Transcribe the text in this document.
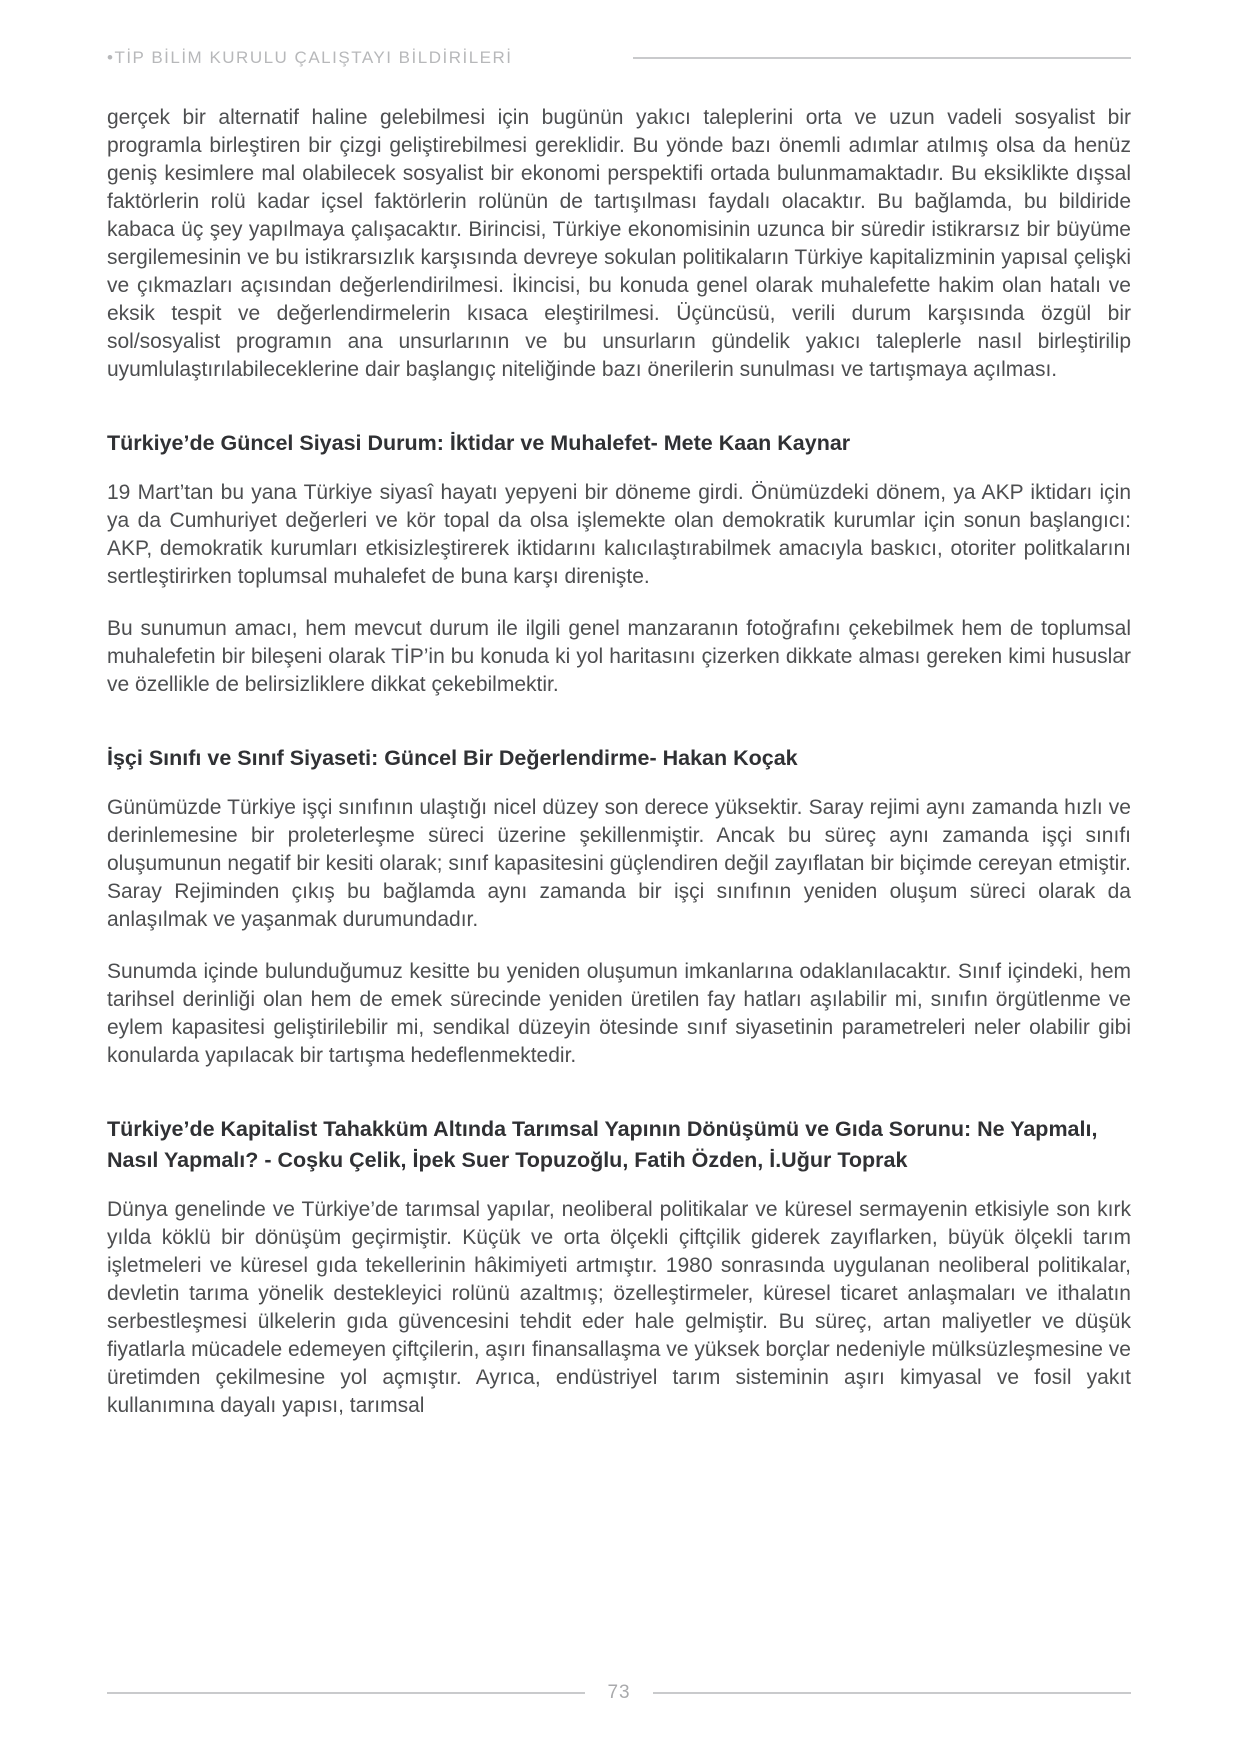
•TİP BİLİM KURULU ÇALIŞTAYI BİLDİRİLERİ

gerçek bir alternatif haline gelebilmesi için bugünün yakıcı taleplerini orta ve uzun vadeli sosyalist bir programla birleştiren bir çizgi geliştirebilmesi gereklidir. Bu yönde bazı önemli adımlar atılmış olsa da henüz geniş kesimlere mal olabilecek sosyalist bir ekonomi perspektifi ortada bulunmamaktadır. Bu eksiklikte dışsal faktörlerin rolü kadar içsel faktörlerin rolünün de tartışılması faydalı olacaktır. Bu bağlamda, bu bildiride kabaca üç şey yapılmaya çalışacaktır. Birincisi, Türkiye ekonomisinin uzunca bir süredir istikrarsız bir büyüme sergilemesinin ve bu istikrarsızlık karşısında devreye sokulan politikaların Türkiye kapitalizminin yapısal çelişki ve çıkmazları açısından değerlendirilmesi. İkincisi, bu konuda genel olarak muhalefette hakim olan hatalı ve eksik tespit ve değerlendirmelerin kısaca eleştirilmesi. Üçüncüsü, verili durum karşısında özgül bir sol/sosyalist programın ana unsurlarının ve bu unsurların gündelik yakıcı taleplerle nasıl birleştirilip uyumlulaştırılabileceklerine dair başlangıç niteliğinde bazı önerilerin sunulması ve tartışmaya açılması.

Türkiye’de Güncel Siyasi Durum: İktidar ve Muhalefet- Mete Kaan Kaynar

19 Mart’tan bu yana Türkiye siyasî hayatı yepyeni bir döneme girdi. Önümüzdeki dönem, ya AKP iktidarı için ya da Cumhuriyet değerleri ve kör topal da olsa işlemekte olan demokratik kurumlar için sonun başlangıcı: AKP, demokratik kurumları etkisizleştirerek iktidarını kalıcılaştırabilmek amacıyla baskıcı, otoriter politkalarını sertleştirirken toplumsal muhalefet de buna karşı direnişte.

Bu sunumun amacı, hem mevcut durum ile ilgili genel manzaranın fotoğrafını çekebilmek hem de toplumsal muhalefetin bir bileşeni olarak TİP’in bu konuda ki yol haritasını çizerken dikkate alması gereken kimi hususlar ve özellikle de belirsizliklere dikkat çekebilmektir.

İşçi Sınıfı ve Sınıf Siyaseti: Güncel Bir Değerlendirme- Hakan Koçak

Günümüzde Türkiye işçi sınıfının ulaştığı nicel düzey son derece yüksektir. Saray rejimi aynı zamanda hızlı ve derinlemesine bir proleterleşme süreci üzerine şekillenmiştir. Ancak bu süreç aynı zamanda işçi sınıfı oluşumunun negatif bir kesiti olarak; sınıf kapasitesini güçlendiren değil zayıflatan bir biçimde cereyan etmiştir. Saray Rejiminden çıkış bu bağlamda aynı zamanda bir işçi sınıfının yeniden oluşum süreci olarak da anlaşılmak ve yaşanmak durumundadır.

Sunumda içinde bulunduğumuz kesitte bu yeniden oluşumun imkanlarına odaklanılacaktır. Sınıf içindeki, hem tarihsel derinliği olan hem de emek sürecinde yeniden üretilen fay hatları aşılabilir mi, sınıfın örgütlenme ve eylem kapasitesi geliştirilebilir mi, sendikal düzeyin ötesinde sınıf siyasetinin parametreleri neler olabilir gibi konularda yapılacak bir tartışma hedeflenmektedir.

Türkiye’de Kapitalist Tahakküm Altında Tarımsal Yapının Dönüşümü ve Gıda Sorunu: Ne Yapmalı, Nasıl Yapmalı? - Coşku Çelik, İpek Suer Topuzoğlu, Fatih Özden, İ.Uğur Toprak

Dünya genelinde ve Türkiye’de tarımsal yapılar, neoliberal politikalar ve küresel sermayenin etkisiyle son kırk yılda köklü bir dönüşüm geçirmiştir. Küçük ve orta ölçekli çiftçilik giderek zayıflarken, büyük ölçekli tarım işletmeleri ve küresel gıda tekellerinin hâkimiyeti artmıştır. 1980 sonrasında uygulanan neoliberal politikalar, devletin tarıma yönelik destekleyici rolünü azaltmış; özelleştirmeler, küresel ticaret anlaşmaları ve ithalatın serbestleşmesi ülkelerin gıda güvencesini tehdit eder hale gelmiştir. Bu süreç, artan maliyetler ve düşük fiyatlarla mücadele edemeyen çiftçilerin, aşırı finansallaşma ve yüksek borçlar nedeniyle mülksüzleşmesine ve üretimden çekilmesine yol açmıştır. Ayrıca, endüstriyel tarım sisteminin aşırı kimyasal ve fosil yakıt kullanımına dayalı yapısı, tarımsal

73
